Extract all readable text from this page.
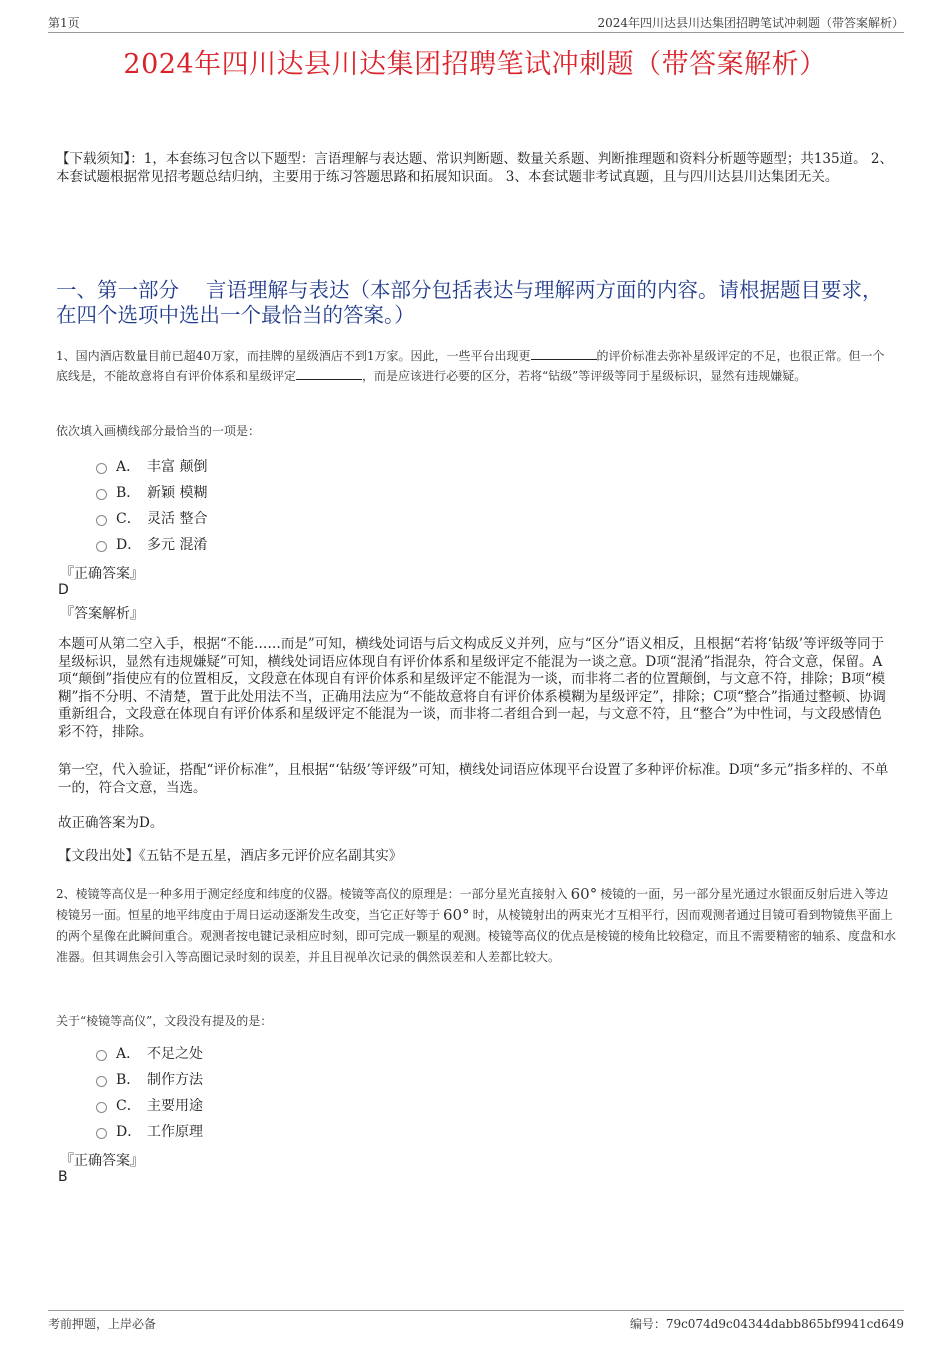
第1页	2024年四川达县川达集团招聘笔试冲刺题（带答案解析）
2024年四川达县川达集团招聘笔试冲刺题（带答案解析）
【下载须知】：1，本套练习包含以下题型：言语理解与表达题、常识判断题、数量关系题、判断推理题和资料分析题等题型；共135道。 2、本套试题根据常见招考题总结归纳，主要用于练习答题思路和拓展知识面。 3、本套试题非考试真题，且与四川达县川达集团无关。
一、第一部分　 言语理解与表达（本部分包括表达与理解两方面的内容。请根据题目要求，在四个选项中选出一个最恰当的答案。）
1、国内酒店数量目前已超40万家，而挂牌的星级酒店不到1万家。因此，一些平台出现更	的评价标准去弥补星级评定的不足，也很正常。但一个底线是，不能故意将自有评价体系和星级评定	，而是应该进行必要的区分，若将“钻级”等评级等同于星级标识，显然有违规嫌疑。
依次填入画横线部分最恰当的一项是：
A． 丰富 颠倒
B． 新颖 模糊
C． 灵活 整合
D． 多元 混淆
『正确答案』
D
『答案解析』
本题可从第二空入手，根据“不能……而是”可知，横线处词语与后文构成反义并列，应与“区分”语义相反，且根据“若将‘钻级’等评级等同于星级标识，显然有违规嫌疑”可知，横线处词语应体现自有评价体系和星级评定不能混为一谈之意。D项“混淆”指混杂，符合文意，保留。A项“颠倒”指使应有的位置相反，文段意在体现自有评价体系和星级评定不能混为一谈，而非将二者的位置颠倒，与文意不符，排除；B项“模糊”指不分明、不清楚，置于此处用法不当，正确用法应为“不能故意将自有评价体系模糊为星级评定”，排除；C项“整合”指通过整顿、协调重新组合，文段意在体现自有评价体系和星级评定不能混为一谈，而非将二者组合到一起，与文意不符，且“整合”为中性词，与文段感情色彩不符，排除。
第一空，代入验证，搭配“评价标准”，且根据“‘钻级’等评级”可知，横线处词语应体现平台设置了多种评价标准。D项“多元”指多样的、不单一的，符合文意，当选。
故正确答案为D。
【文段出处】《五钻不是五星，酒店多元评价应名副其实》
2、棱镜等高仪是一种多用于测定经度和纬度的仪器。棱镜等高仪的原理是：一部分星光直接射入 60° 棱镜的一面，另一部分星光通过水银面反射后进入等边棱镜另一面。恒星的地平纬度由于周日运动逐渐发生改变，当它正好等于 60° 时，从棱镜射出的两束光才互相平行，因而观测者通过目镜可看到物镜焦平面上的两个星像在此瞬间重合。观测者按电键记录相应时刻，即可完成一颗星的观测。棱镜等高仪的优点是棱镜的棱角比较稳定，而且不需要精密的轴系、度盘和水准器。但其调焦会引入等高圈记录时刻的误差，并且目视单次记录的偶然误差和人差都比较大。
关于“棱镜等高仪”，文段没有提及的是：
A． 不足之处
B． 制作方法
C． 主要用途
D． 工作原理
『正确答案』
B
考前押题，上岸必备	编号：79c074d9c04344dabb865bf9941cd649
